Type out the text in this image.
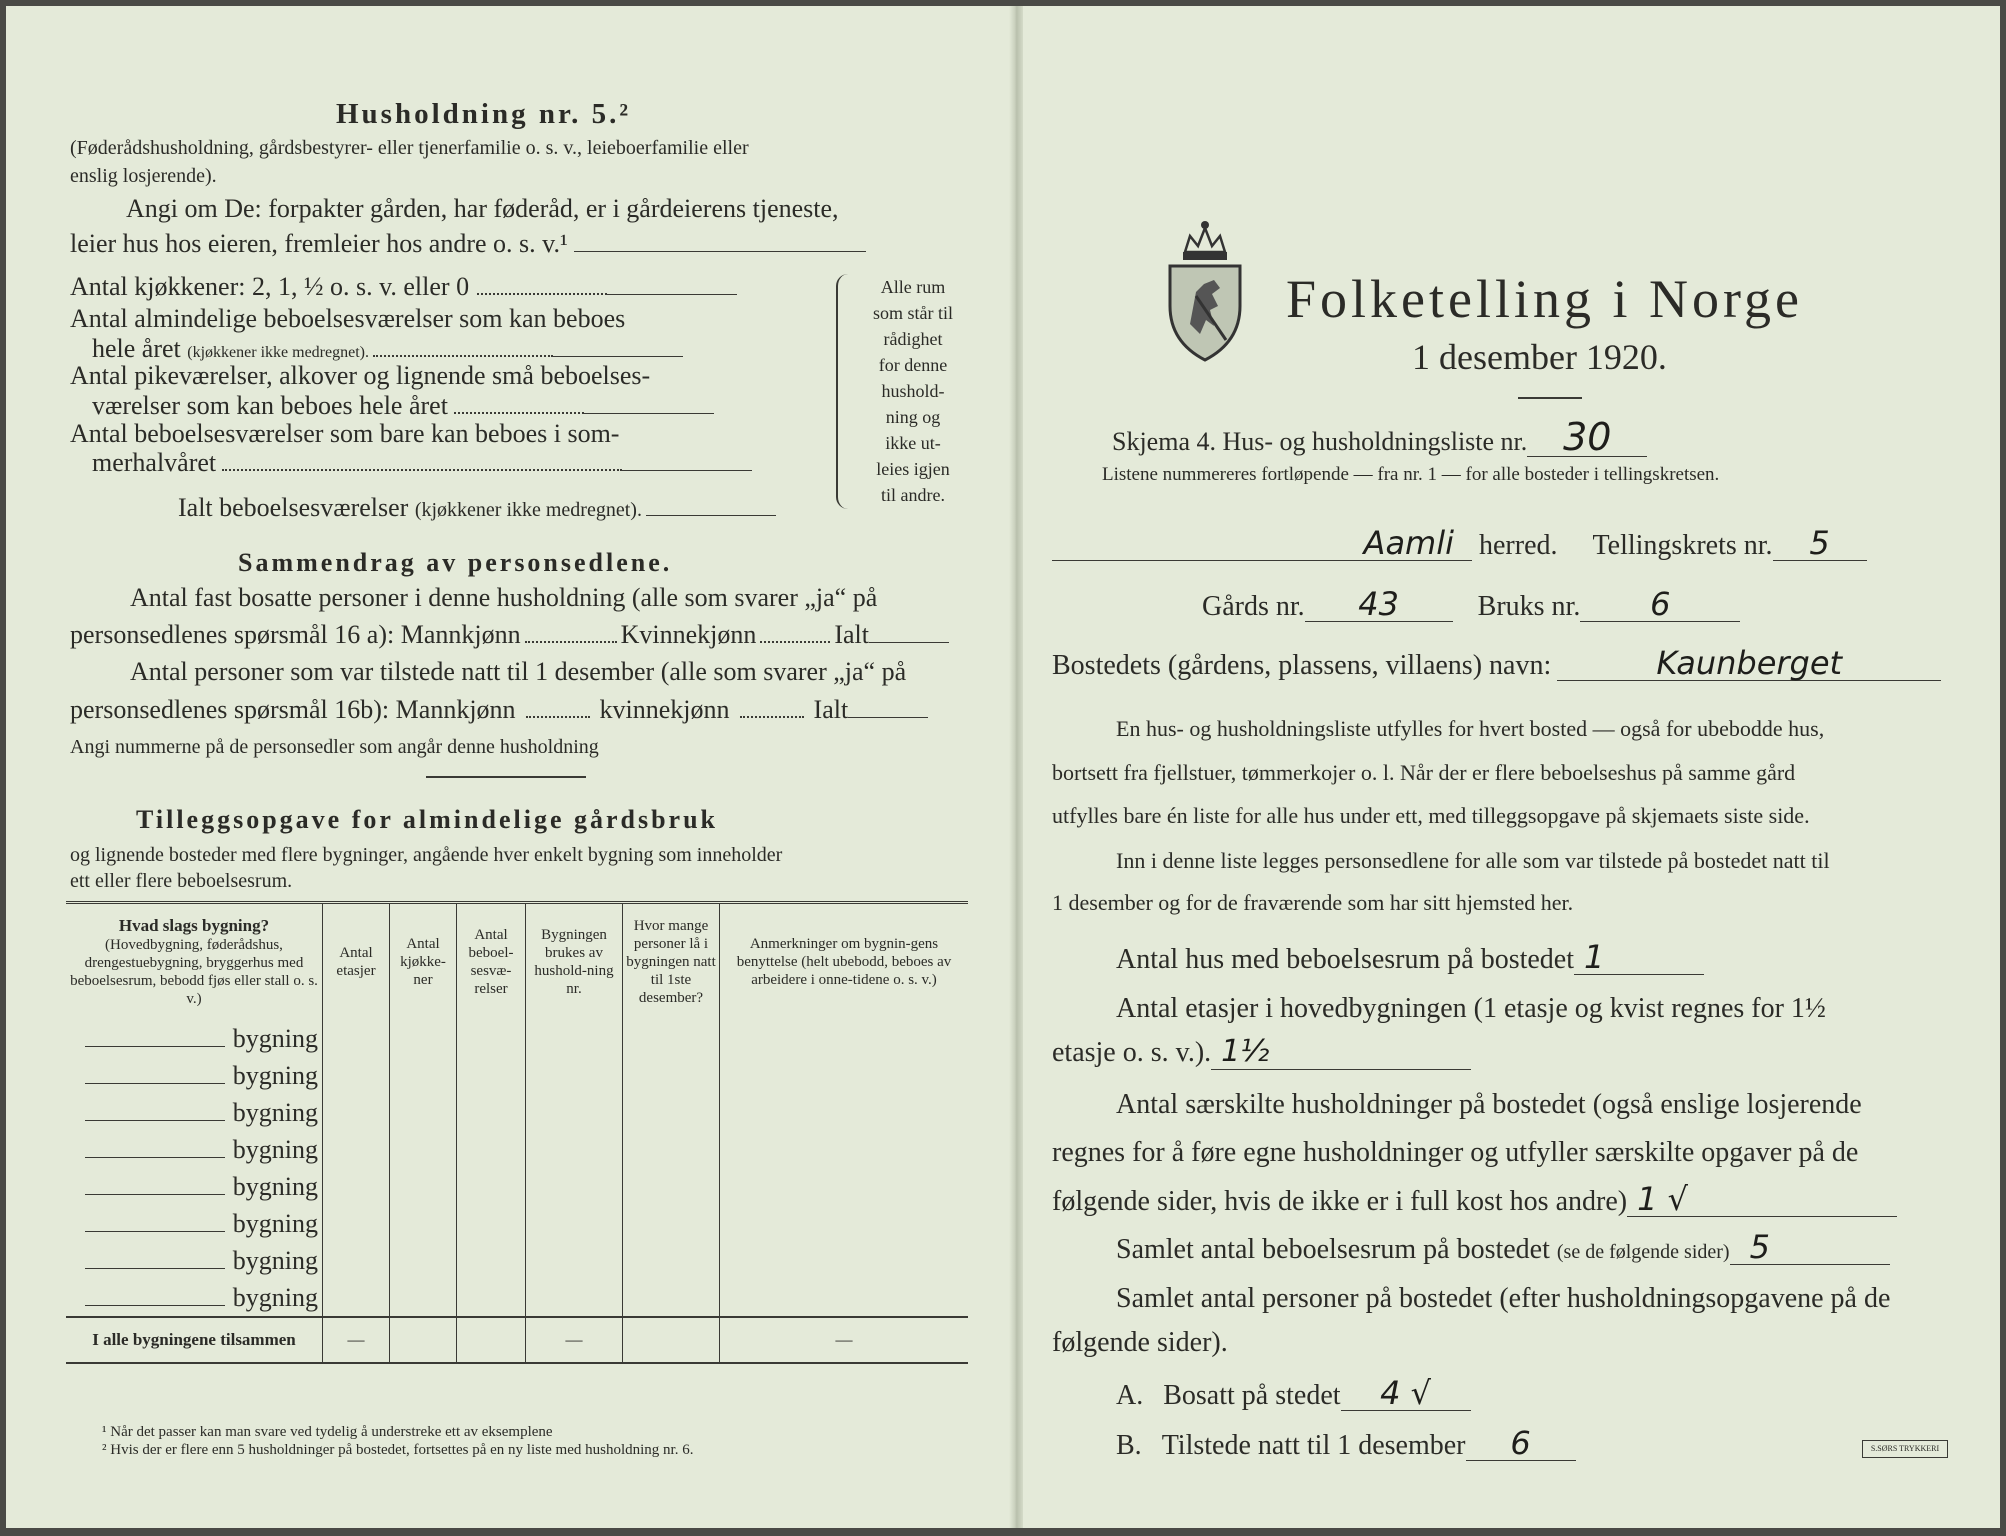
Husholdning nr. 5.²
(Føderådshusholdning, gårdsbestyrer- eller tjenerfamilie o. s. v., leieboerfamilie eller
enslig losjerende).
Angi om De: forpakter gården, har føderåd, er i gårdeierens tjeneste,
leier hus hos eieren, fremleier hos andre o. s. v.¹
Antal kjøkkener: 2, 1, ½ o. s. v. eller 0
Antal almindelige beboelsesværelser som kan beboes
hele året (kjøkkener ikke medregnet).
Antal pikeværelser, alkover og lignende små beboelses-
værelser som kan beboes hele året
Antal beboelsesværelser som bare kan beboes i som-
merhalvåret
Ialt beboelsesværelser (kjøkkener ikke medregnet).
Alle rum
som står til
rådighet
for denne
hushold-
ning og
ikke ut-
leies igjen
til andre.
Sammendrag av personsedlene.
Antal fast bosatte personer i denne husholdning (alle som svarer „ja“ på
personsedlenes spørsmål 16 a): Mannkjønn	Kvinnekjønn	Ialt
Antal personer som var tilstede natt til 1 desember (alle som svarer „ja“ på
personsedlenes spørsmål 16b): Mannkjønn	kvinnekjønn	Ialt
Angi nummerne på de personsedler som angår denne husholdning
Tilleggsopgave for almindelige gårdsbruk
og lignende bosteder med flere bygninger, angående hver enkelt bygning som inneholder
ett eller flere beboelsesrum.
Hvad slags bygning?
(Hovedbygning, føderådshus, drengestuebygning, bryggerhus med beboelsesrum, bebodd fjøs eller stall o. s. v.)	Antal etasjer	Antal kjøkke-ner	Antal beboel-sesvæ-relser	Bygningen brukes av hushold-ning nr.	Hvor mange personer lå i bygningen natt til 1ste desember?	Anmerkninger om bygnin-gens benyttelse (helt ubebodd, beboes av arbeidere i onne-tidene o. s. v.)
bygning						
bygning						
bygning						
bygning						
bygning						
bygning						
bygning						
bygning						
I alle bygningene tilsammen	—			—		—
¹ Når det passer kan man svare ved tydelig å understreke ett av eksemplene
² Hvis der er flere enn 5 husholdninger på bostedet, fortsettes på en ny liste med husholdning nr. 6.
Folketelling i Norge
1 desember 1920.
Skjema 4. Hus- og husholdningsliste nr. 30
Listene nummereres fortløpende — fra nr. 1 — for alle bosteder i tellingskretsen.
Aamli herred. Tellingskrets nr. 5
Gårds nr. 43	Bruks nr. 6
Bostedets (gårdens, plassens, villaens) navn:	Kaunberget
En hus- og husholdningsliste utfylles for hvert bosted — også for ubebodde hus,
bortsett fra fjellstuer, tømmerkojer o. l. Når der er flere beboelseshus på samme gård
utfylles bare én liste for alle hus under ett, med tilleggsopgave på skjemaets siste side.
Inn i denne liste legges personsedlene for alle som var tilstede på bostedet natt til
1 desember og for de fraværende som har sitt hjemsted her.
Antal hus med beboelsesrum på bostedet 1
Antal etasjer i hovedbygningen (1 etasje og kvist regnes for 1½
etasje o. s. v.). 1½
Antal særskilte husholdninger på bostedet (også enslige losjerende
regnes for å føre egne husholdninger og utfyller særskilte opgaver på de
følgende sider, hvis de ikke er i full kost hos andre) 1 √
Samlet antal beboelsesrum på bostedet (se de følgende sider) 5
Samlet antal personer på bostedet (efter husholdningsopgavene på de
følgende sider).
A. Bosatt på stedet 4 √
B. Tilstede natt til 1 desember 6	S.SØRS TRYKKERI
